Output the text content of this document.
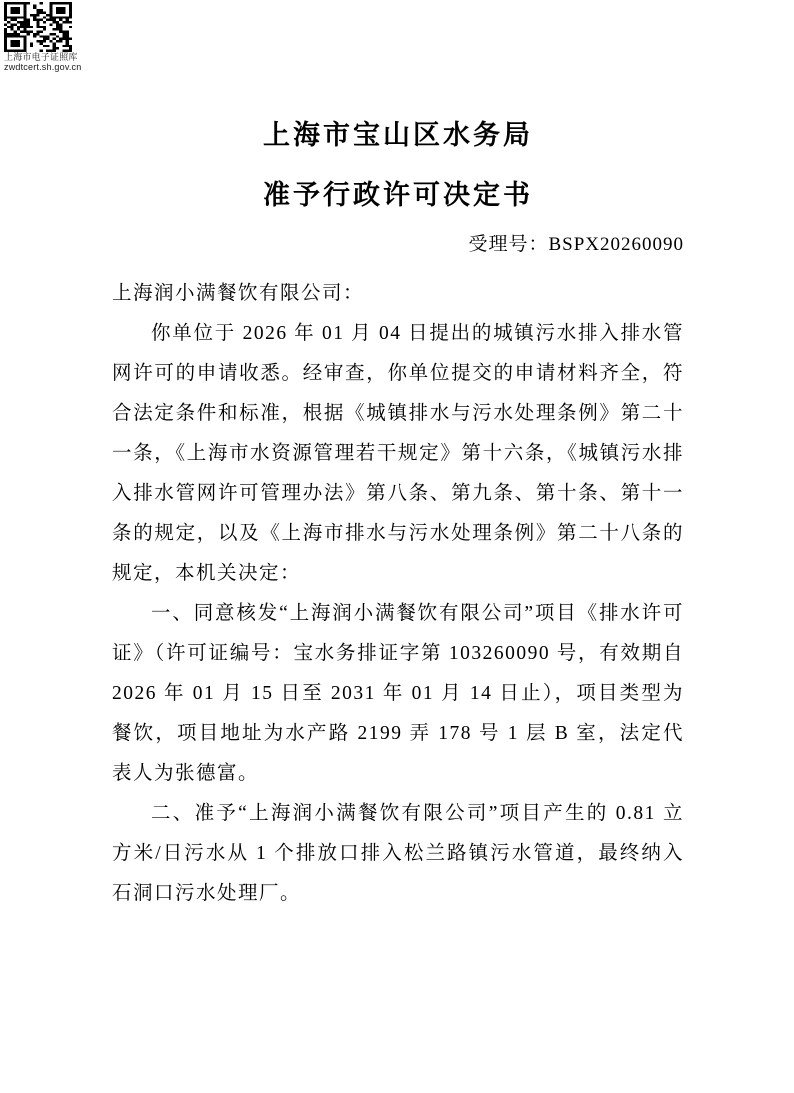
上海市电子证照库
zwdtcert.sh.gov.cn
上海市宝山区水务局
准予行政许可决定书
受理号：BSPX20260090

上海润小满餐饮有限公司：

你单位于 2026 年 01 月 04 日提出的城镇污水排入排水管网许可的申请收悉。经审查，你单位提交的申请材料齐全，符合法定条件和标准，根据《城镇排水与污水处理条例》第二十一条，《上海市水资源管理若干规定》第十六条，《城镇污水排入排水管网许可管理办法》第八条、第九条、第十条、第十一条的规定，以及《上海市排水与污水处理条例》第二十八条的规定，本机关决定：

一、同意核发“上海润小满餐饮有限公司”项目《排水许可证》（许可证编号：宝水务排证字第 103260090 号，有效期自 2026 年 01 月 15 日至 2031 年 01 月 14 日止），项目类型为餐饮，项目地址为水产路 2199 弄 178 号 1 层 B 室，法定代表人为张德富。

二、准予“上海润小满餐饮有限公司”项目产生的 0.81 立方米/日污水从 1 个排放口排入松兰路镇污水管道，最终纳入石洞口污水处理厂。
